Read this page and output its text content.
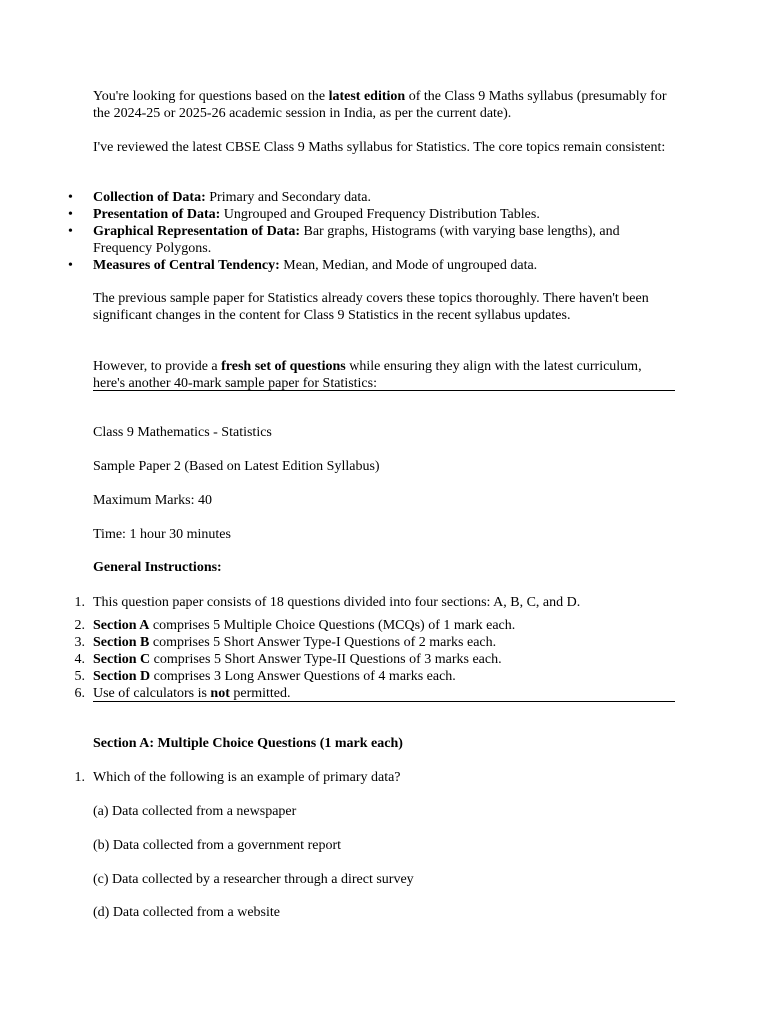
You're looking for questions based on the latest edition of the Class 9 Maths syllabus (presumably for the 2024-25 or 2025-26 academic session in India, as per the current date).

I've reviewed the latest CBSE Class 9 Maths syllabus for Statistics. The core topics remain consistent:

• Collection of Data: Primary and Secondary data.
• Presentation of Data: Ungrouped and Grouped Frequency Distribution Tables.
• Graphical Representation of Data: Bar graphs, Histograms (with varying base lengths), and Frequency Polygons.
• Measures of Central Tendency: Mean, Median, and Mode of ungrouped data.

The previous sample paper for Statistics already covers these topics thoroughly. There haven't been significant changes in the content for Class 9 Statistics in the recent syllabus updates.

However, to provide a fresh set of questions while ensuring they align with the latest curriculum, here's another 40-mark sample paper for Statistics:

Class 9 Mathematics - Statistics
Sample Paper 2 (Based on Latest Edition Syllabus)
Maximum Marks: 40
Time: 1 hour 30 minutes
General Instructions:
1. This question paper consists of 18 questions divided into four sections: A, B, C, and D.
2. Section A comprises 5 Multiple Choice Questions (MCQs) of 1 mark each.
3. Section B comprises 5 Short Answer Type-I Questions of 2 marks each.
4. Section C comprises 5 Short Answer Type-II Questions of 3 marks each.
5. Section D comprises 3 Long Answer Questions of 4 marks each.
6. Use of calculators is not permitted.
Section A: Multiple Choice Questions (1 mark each)
1. Which of the following is an example of primary data?
(a) Data collected from a newspaper
(b) Data collected from a government report
(c) Data collected by a researcher through a direct survey
(d) Data collected from a website
